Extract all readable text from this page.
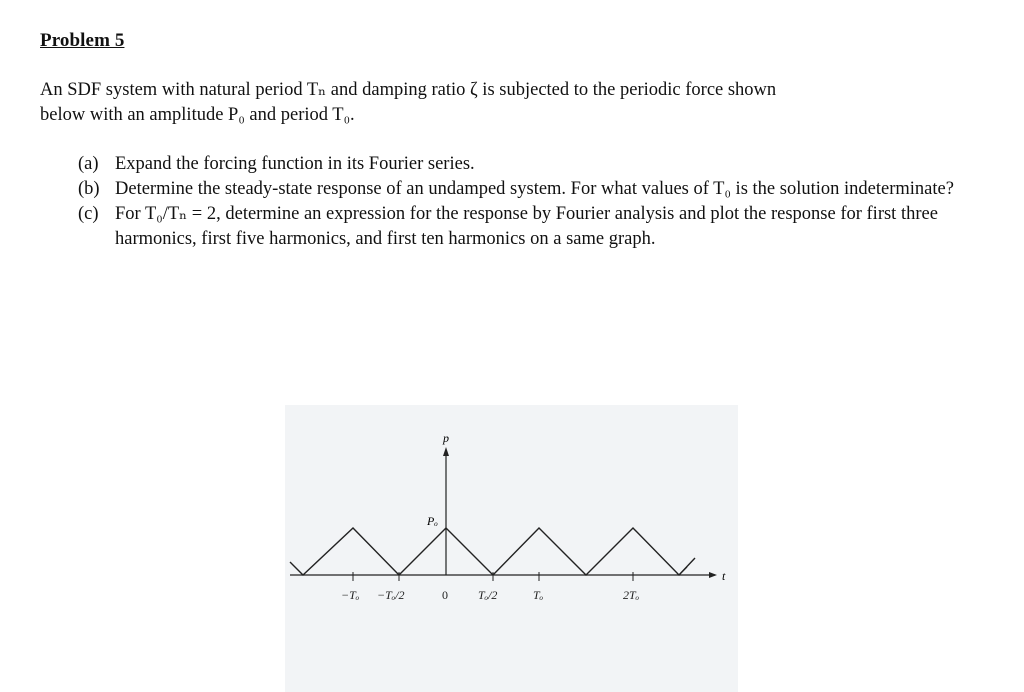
Problem 5
An SDF system with natural period Tₙ and damping ratio ζ is subjected to the periodic force shown
below with an amplitude P₀ and period T₀.
(a) Expand the forcing function in its Fourier series.
(b) Determine the steady-state response of an undamped system. For what values of T₀ is the solution indeterminate?
(c) For T₀/Tₙ = 2, determine an expression for the response by Fourier analysis and plot the response for first three harmonics, first five harmonics, and first ten harmonics on a same graph.
t
p
Pₒ
−Tₒ −Tₒ/2	0	Tₒ/2	Tₒ	2Tₒ
